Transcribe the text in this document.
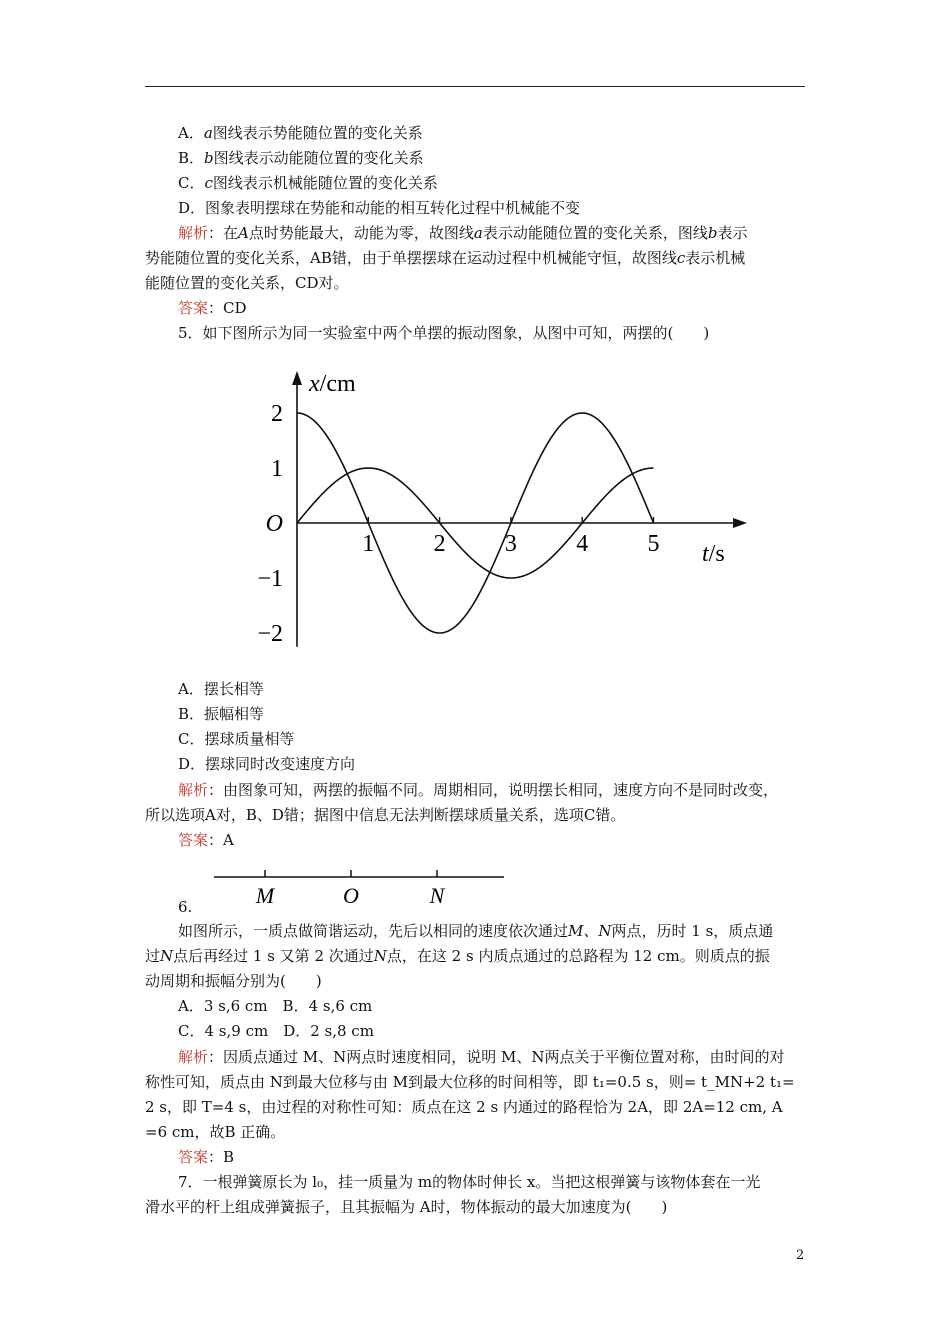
A．a图线表示势能随位置的变化关系
B．b图线表示动能随位置的变化关系
C．c图线表示机械能随位置的变化关系
D．图象表明摆球在势能和动能的相互转化过程中机械能不变
解析：在A点时势能最大，动能为零，故图线a表示动能随位置的变化关系，图线b表示
势能随位置的变化关系，AB错，由于单摆摆球在运动过程中机械能守恒，故图线c表示机械
能随位置的变化关系，CD对。
答案：CD
5．如下图所示为同一实验室中两个单摆的振动图象，从图中可知，两摆的(　　)
1 2 3 4 5
2
1
−1
−2
O
x/cm
t/s
A．摆长相等
B．振幅相等
C．摆球质量相等
D．摆球同时改变速度方向
解析：由图象可知，两摆的振幅不同。周期相同，说明摆长相同，速度方向不是同时改变，
所以选项A对，B、D错；据图中信息无法判断摆球质量关系，选项C错。
答案：A
M	O	N
6.
如图所示，一质点做简谐运动，先后以相同的速度依次通过M、N两点，历时 1 s，质点通
过N点后再经过 1 s 又第 2 次通过N点，在这 2 s 内质点通过的总路程为 12 cm。则质点的振
动周期和振幅分别为(　　)
A．3 s,6 cm　B．4 s,6 cm
C．4 s,9 cm　D．2 s,8 cm
解析：因质点通过 M、N两点时速度相同，说明 M、N两点关于平衡位置对称，由时间的对
称性可知，质点由 N到最大位移与由 M到最大位移的时间相等，即 t₁=0.5 s，则= t_MN+2 t₁=
2 s，即 T=4 s，由过程的对称性可知：质点在这 2 s 内通过的路程恰为 2A，即 2A=12 cm, A
=6 cm，故B 正确。
答案：B
7．一根弹簧原长为 l₀，挂一质量为 m的物体时伸长 x。当把这根弹簧与该物体套在一光
滑水平的杆上组成弹簧振子，且其振幅为 A时，物体振动的最大加速度为(　　)
2
